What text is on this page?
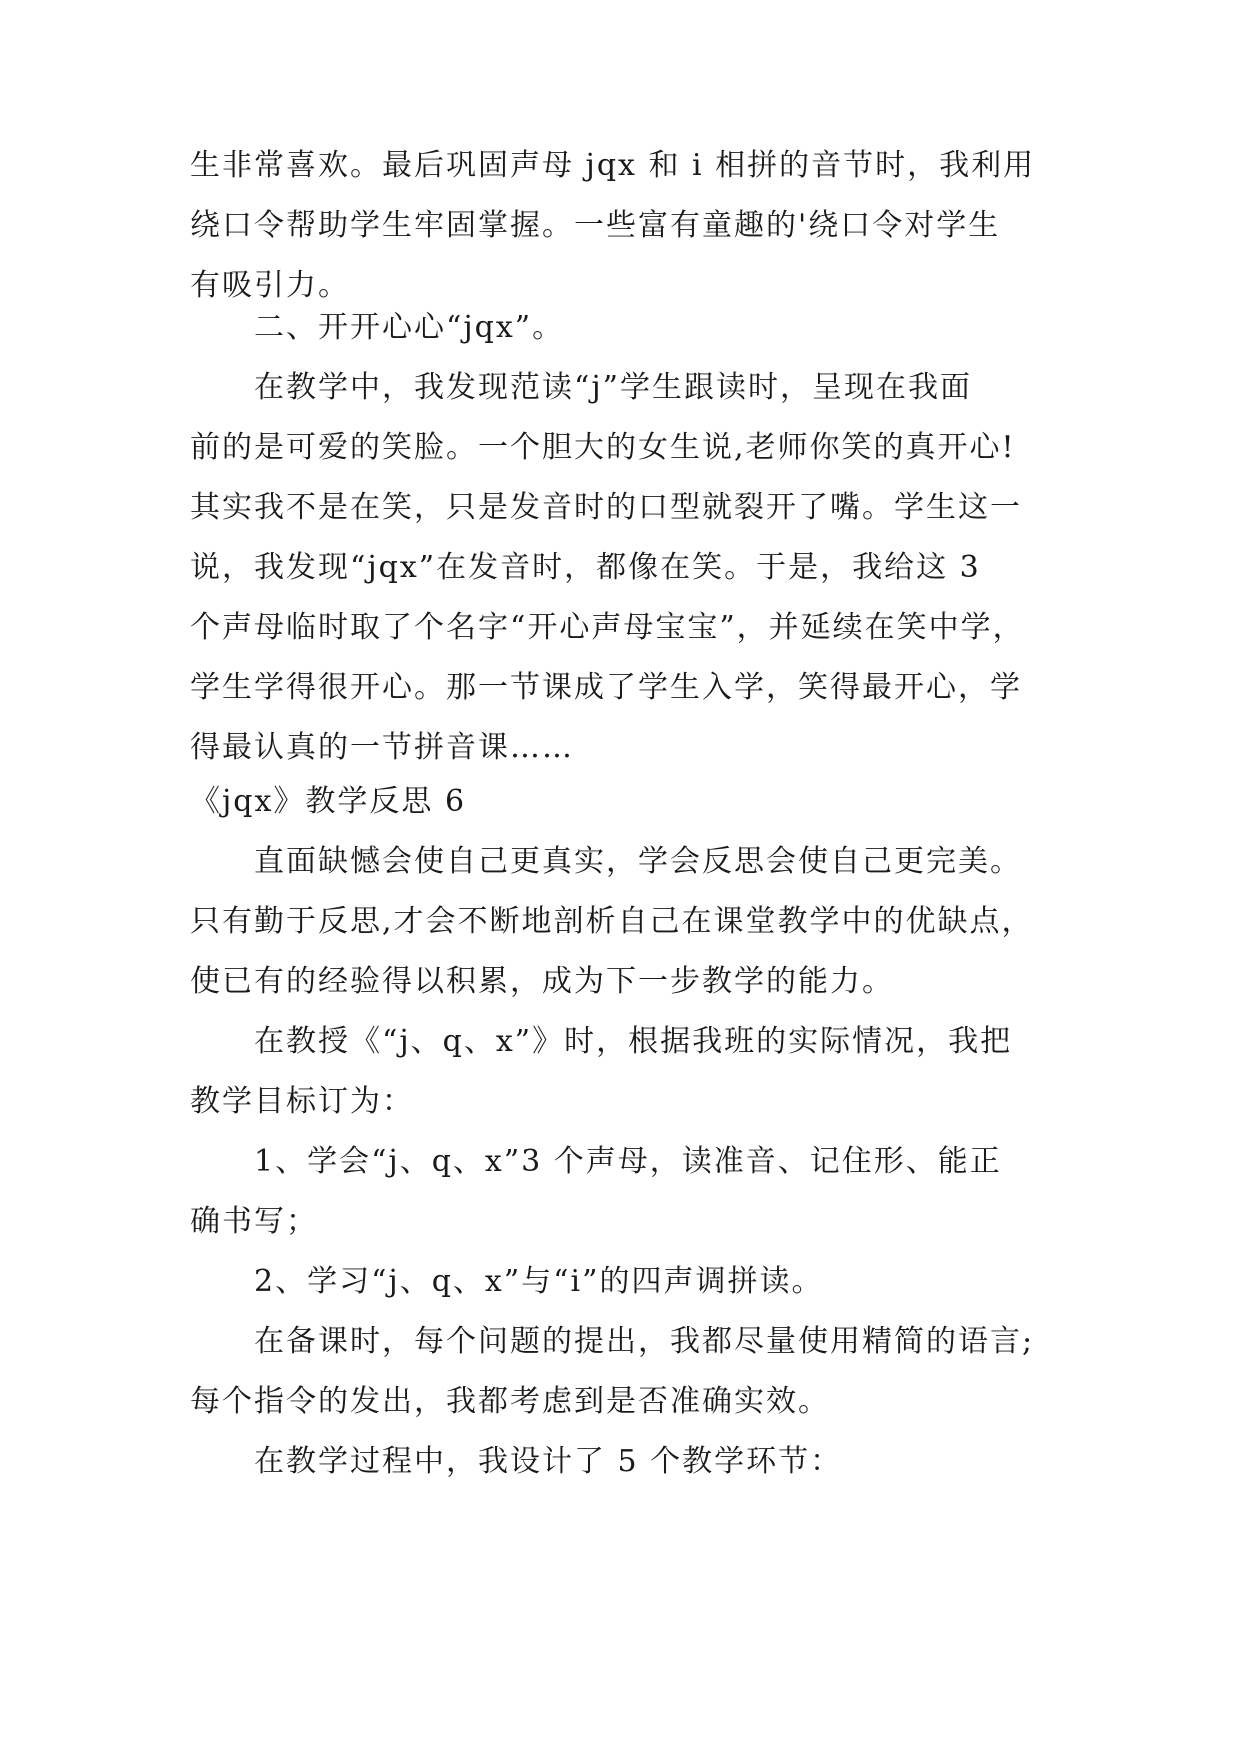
生非常喜欢。最后巩固声母 jqx 和 i 相拼的音节时，我利用
绕口令帮助学生牢固掌握。一些富有童趣的'绕口令对学生
有吸引力。
二、开开心心“jqx”。
在教学中，我发现范读“j”学生跟读时，呈现在我面
前的是可爱的笑脸。一个胆大的女生说,老师你笑的真开心!
其实我不是在笑，只是发音时的口型就裂开了嘴。学生这一
说，我发现“jqx”在发音时，都像在笑。于是，我给这 3
个声母临时取了个名字“开心声母宝宝”，并延续在笑中学，
学生学得很开心。那一节课成了学生入学，笑得最开心，学
得最认真的一节拼音课……
《jqx》教学反思 6
直面缺憾会使自己更真实，学会反思会使自己更完美。
只有勤于反思,才会不断地剖析自己在课堂教学中的优缺点，
使已有的经验得以积累，成为下一步教学的能力。
在教授《“j、q、x”》时，根据我班的实际情况，我把
教学目标订为：
1、学会“j、q、x”3 个声母，读准音、记住形、能正
确书写；
2、学习“j、q、x”与“i”的四声调拼读。
在备课时，每个问题的提出，我都尽量使用精简的语言;
每个指令的发出，我都考虑到是否准确实效。
在教学过程中，我设计了 5 个教学环节：
